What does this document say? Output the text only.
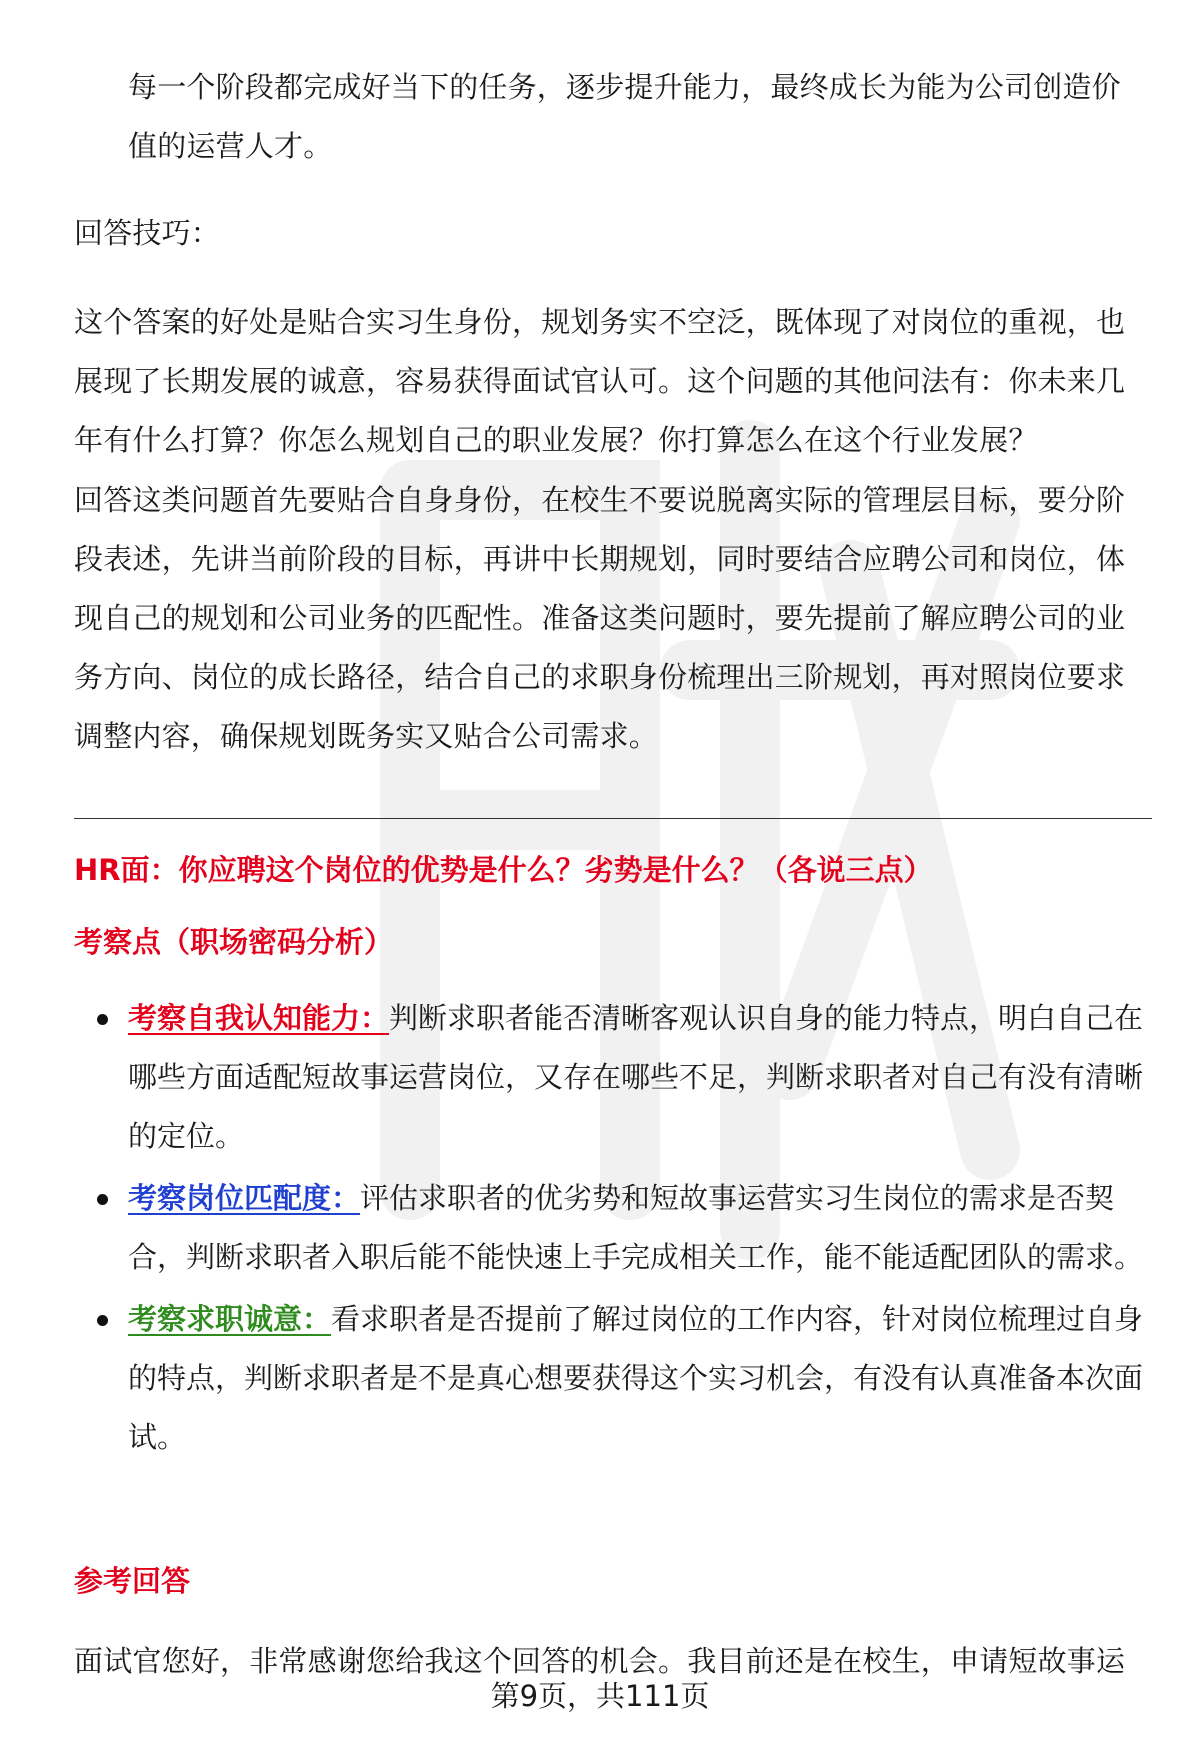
每一个阶段都完成好当下的任务，逐步提升能力，最终成长为能为公司创造价值的运营人才。
回答技巧：
这个答案的好处是贴合实习生身份，规划务实不空泛，既体现了对岗位的重视，也展现了长期发展的诚意，容易获得面试官认可。这个问题的其他问法有：你未来几年有什么打算？你怎么规划自己的职业发展？你打算怎么在这个行业发展？
回答这类问题首先要贴合自身身份，在校生不要说脱离实际的管理层目标，要分阶段表述，先讲当前阶段的目标，再讲中长期规划，同时要结合应聘公司和岗位，体现自己的规划和公司业务的匹配性。准备这类问题时，要先提前了解应聘公司的业务方向、岗位的成长路径，结合自己的求职身份梳理出三阶规划，再对照岗位要求调整内容，确保规划既务实又贴合公司需求。
HR面：你应聘这个岗位的优势是什么？劣势是什么？（各说三点）
考察点（职场密码分析）
考察自我认知能力：判断求职者能否清晰客观认识自身的能力特点，明白自己在哪些方面适配短故事运营岗位，又存在哪些不足，判断求职者对自己有没有清晰的定位。
考察岗位匹配度：评估求职者的优劣势和短故事运营实习生岗位的需求是否契合，判断求职者入职后能不能快速上手完成相关工作，能不能适配团队的需求。
考察求职诚意：看求职者是否提前了解过岗位的工作内容，针对岗位梳理过自身的特点，判断求职者是不是真心想要获得这个实习机会，有没有认真准备本次面试。
参考回答
面试官您好，非常感谢您给我这个回答的机会。我目前还是在校生，申请短故事运
第9页，共111页
